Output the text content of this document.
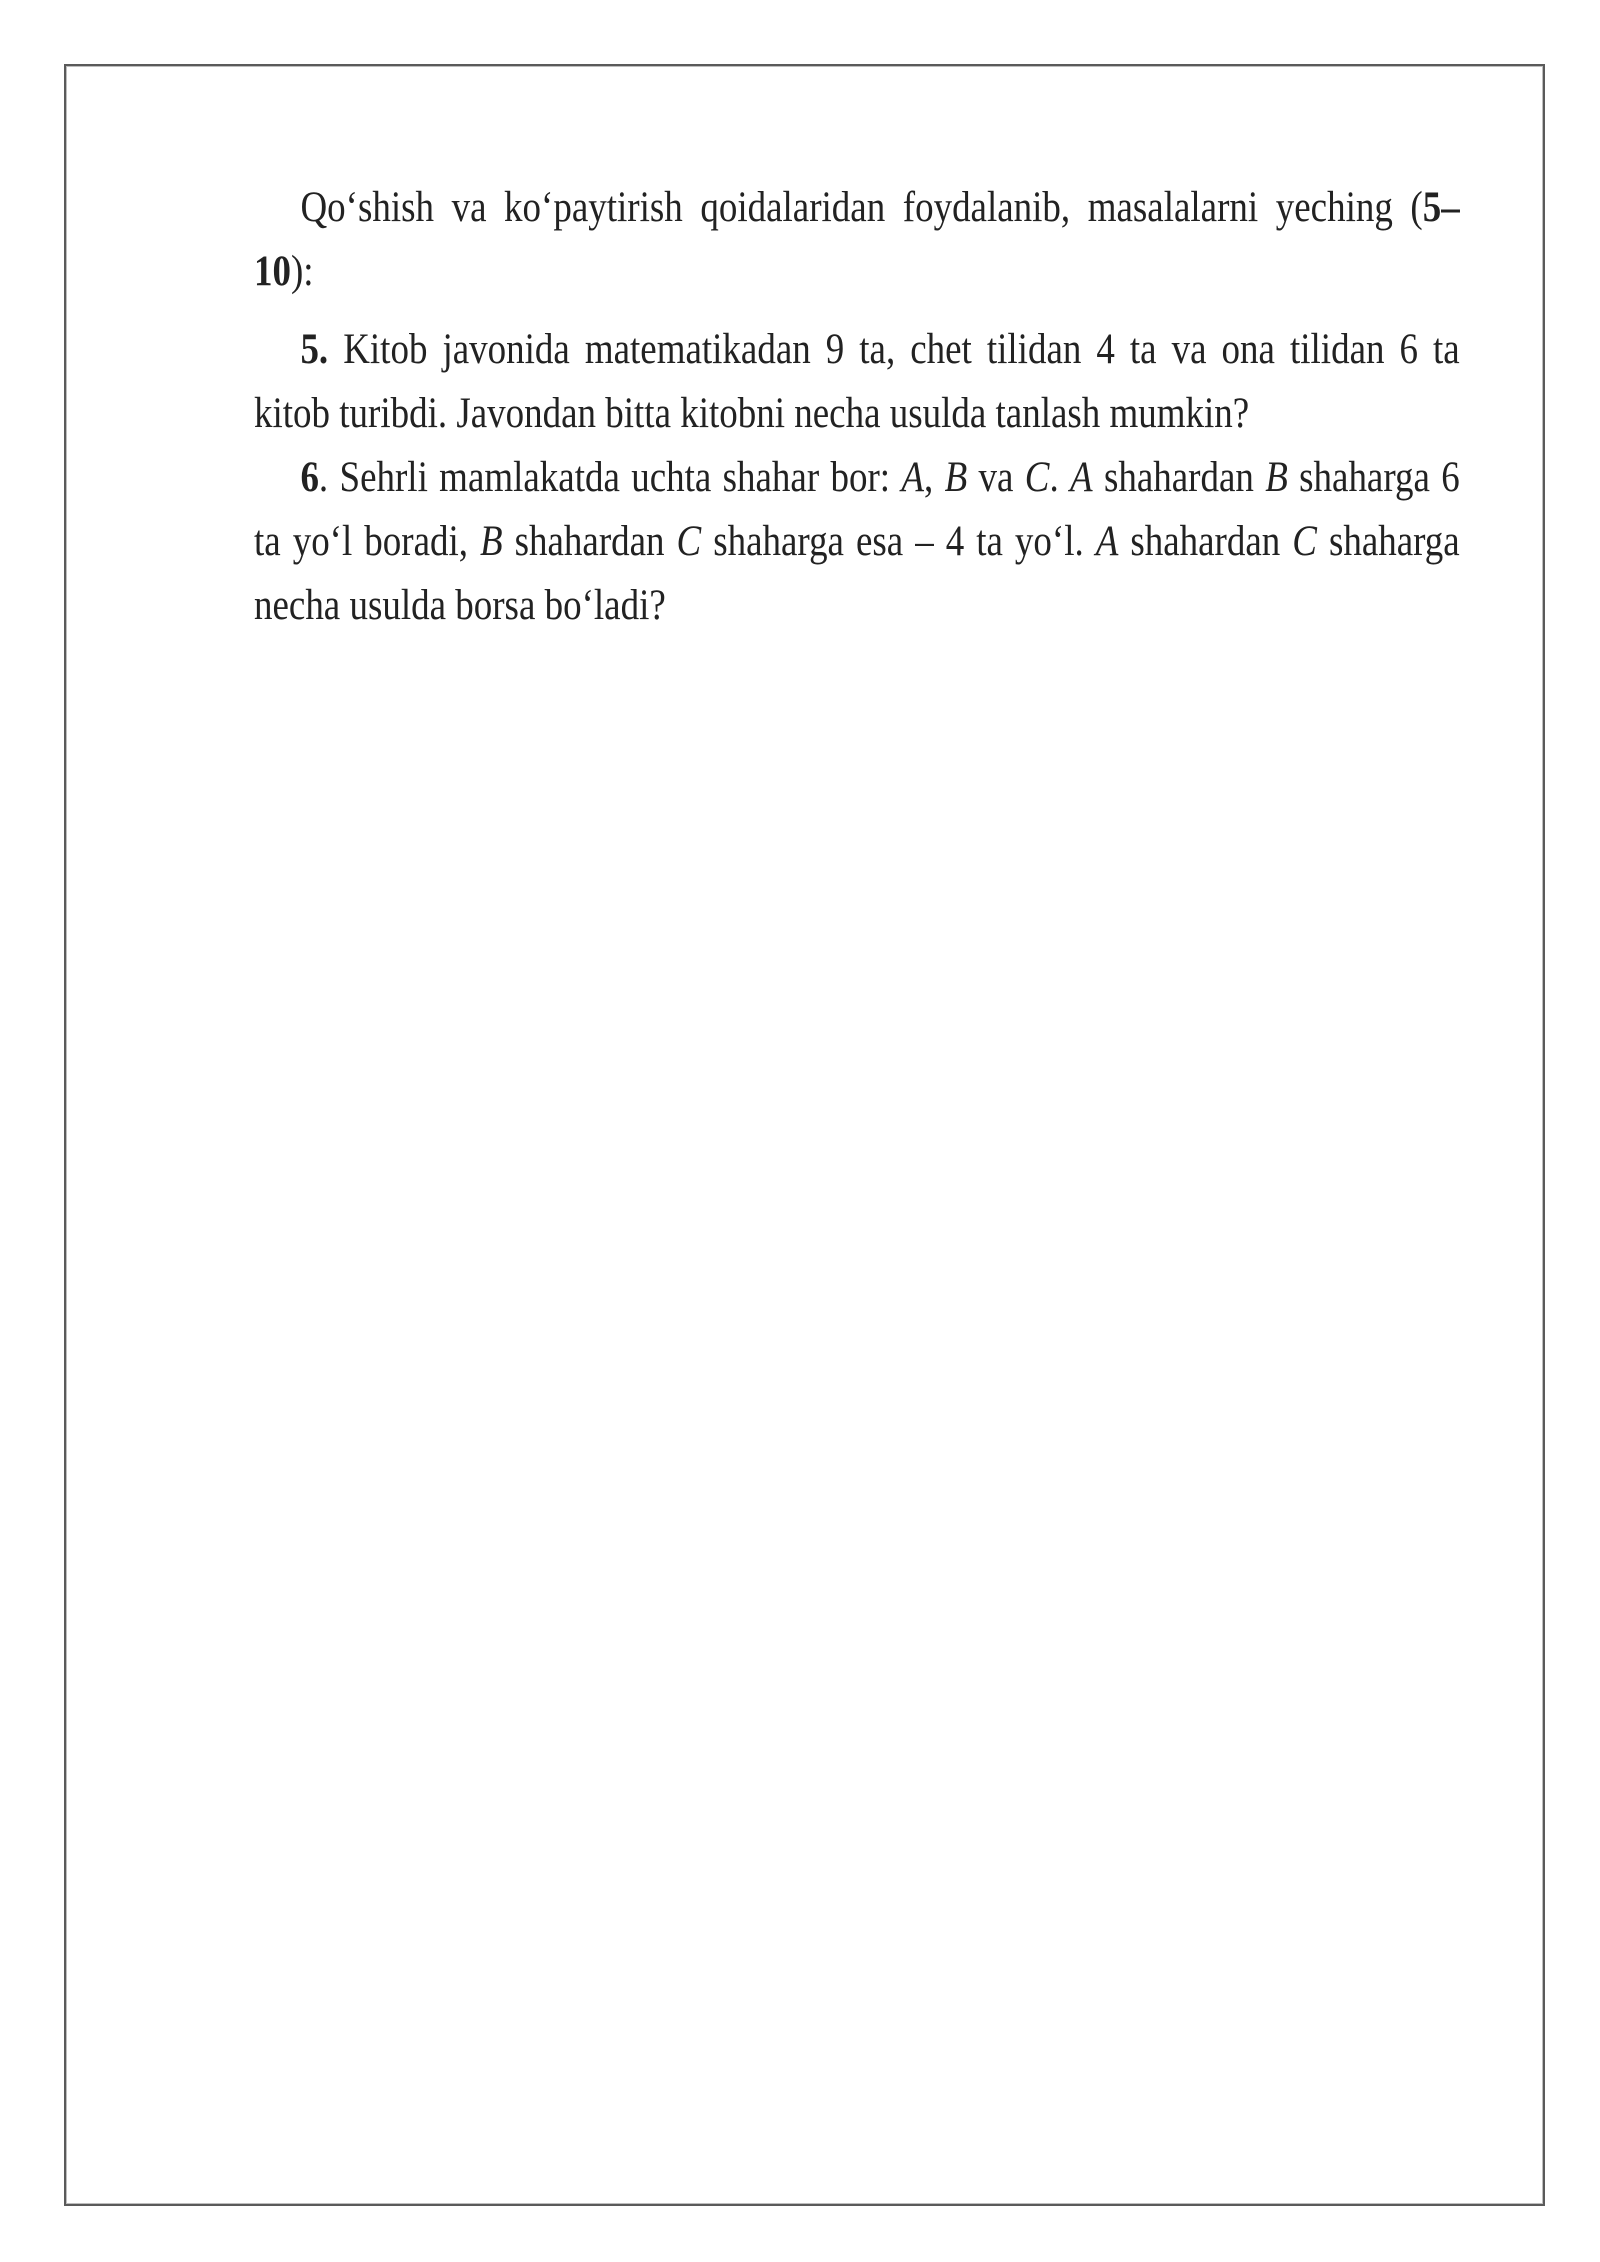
Qo‘shish va ko‘paytirish qoidalaridan foydalanib, masalalarni yeching (5–10):

5. Kitob javonida matematikadan 9 ta, chet tilidan 4 ta va ona tilidan 6 ta kitob turibdi. Javondan bitta kitobni necha usulda tanlash mumkin?

6. Sehrli mamlakatda uchta shahar bor: A, B va C. A shahardan B shaharga 6 ta yo‘l boradi, B shahardan C shaharga esa – 4 ta yo‘l. A shahardan C shaharga necha usulda borsa bo‘ladi?
